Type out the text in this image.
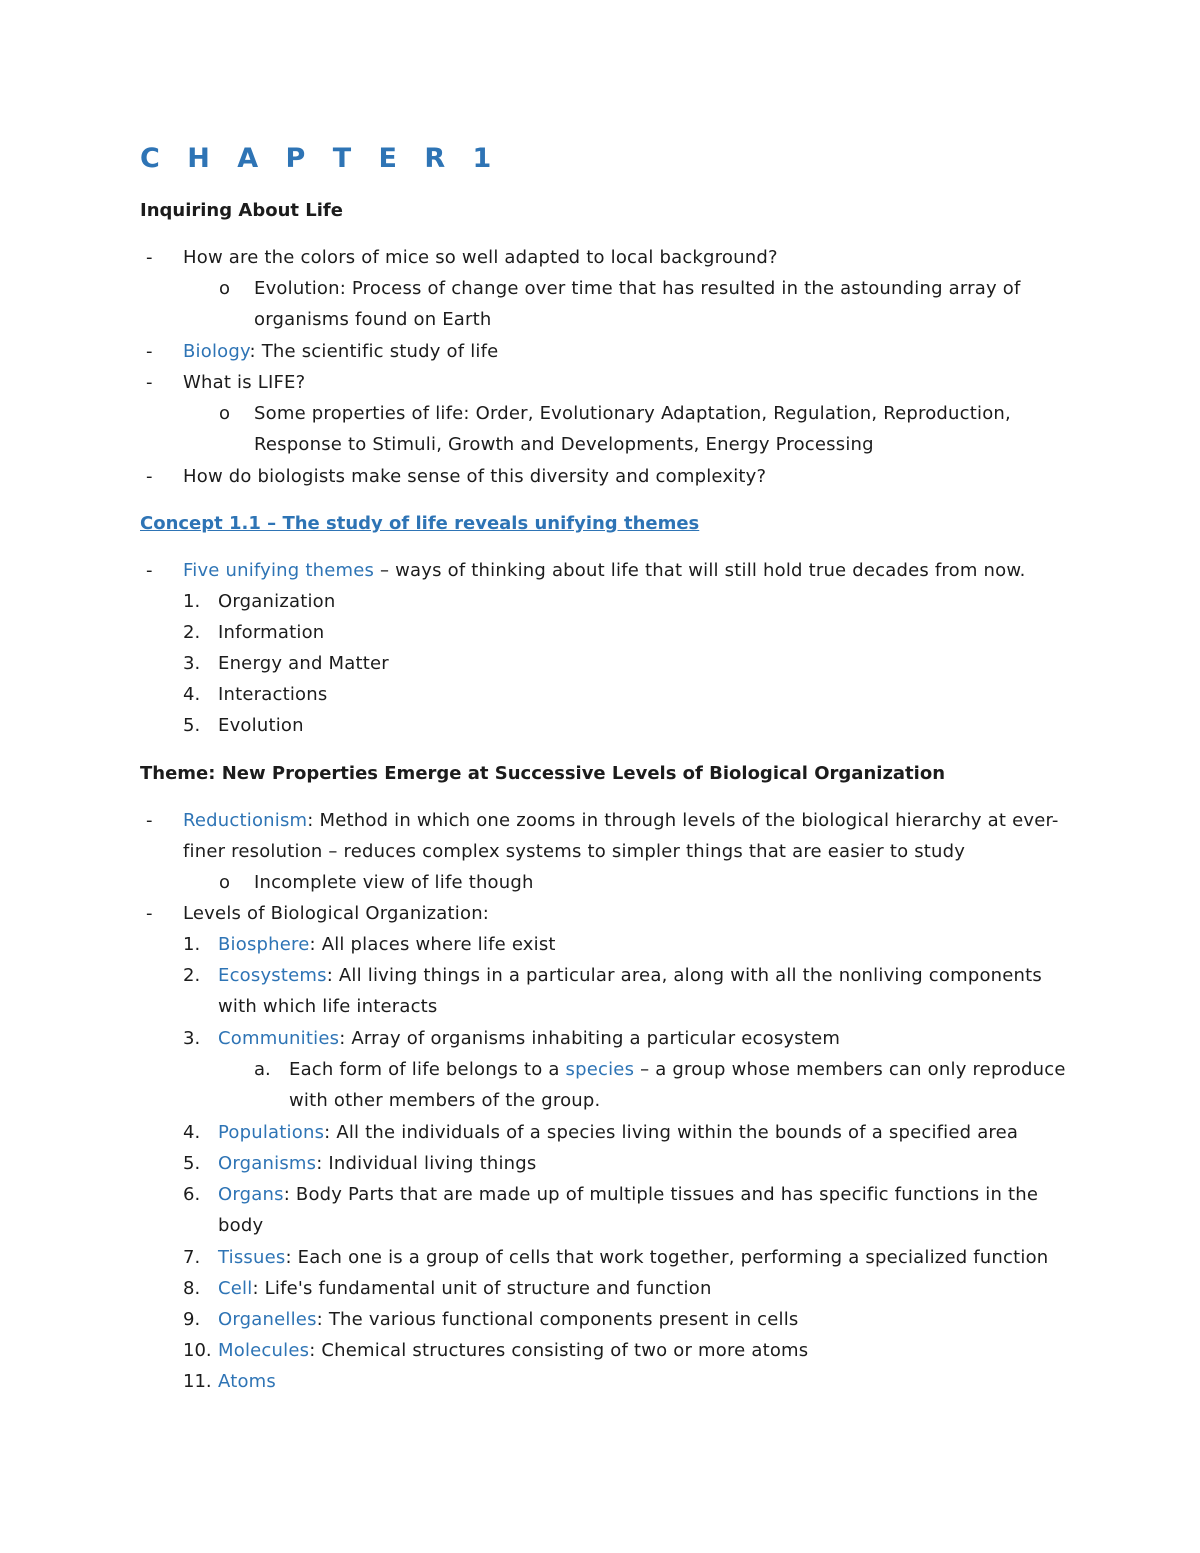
C H A P T E R 1
Inquiring About Life
- How are the colors of mice so well adapted to local background?
o Evolution: Process of change over time that has resulted in the astounding array of
organisms found on Earth
- Biology: The scientific study of life
- What is LIFE?
o Some properties of life: Order, Evolutionary Adaptation, Regulation, Reproduction,
Response to Stimuli, Growth and Developments, Energy Processing
- How do biologists make sense of this diversity and complexity?
Concept 1.1 – The study of life reveals unifying themes
- Five unifying themes – ways of thinking about life that will still hold true decades from now.
1. Organization
2. Information
3. Energy and Matter
4. Interactions
5. Evolution
Theme: New Properties Emerge at Successive Levels of Biological Organization
- Reductionism: Method in which one zooms in through levels of the biological hierarchy at ever-
finer resolution – reduces complex systems to simpler things that are easier to study
o Incomplete view of life though
- Levels of Biological Organization:
1. Biosphere: All places where life exist
2. Ecosystems: All living things in a particular area, along with all the nonliving components
with which life interacts
3. Communities: Array of organisms inhabiting a particular ecosystem
a. Each form of life belongs to a species – a group whose members can only reproduce
with other members of the group.
4. Populations: All the individuals of a species living within the bounds of a specified area
5. Organisms: Individual living things
6. Organs: Body Parts that are made up of multiple tissues and has specific functions in the
body
7. Tissues: Each one is a group of cells that work together, performing a specialized function
8. Cell: Life's fundamental unit of structure and function
9. Organelles: The various functional components present in cells
10. Molecules: Chemical structures consisting of two or more atoms
11. Atoms
